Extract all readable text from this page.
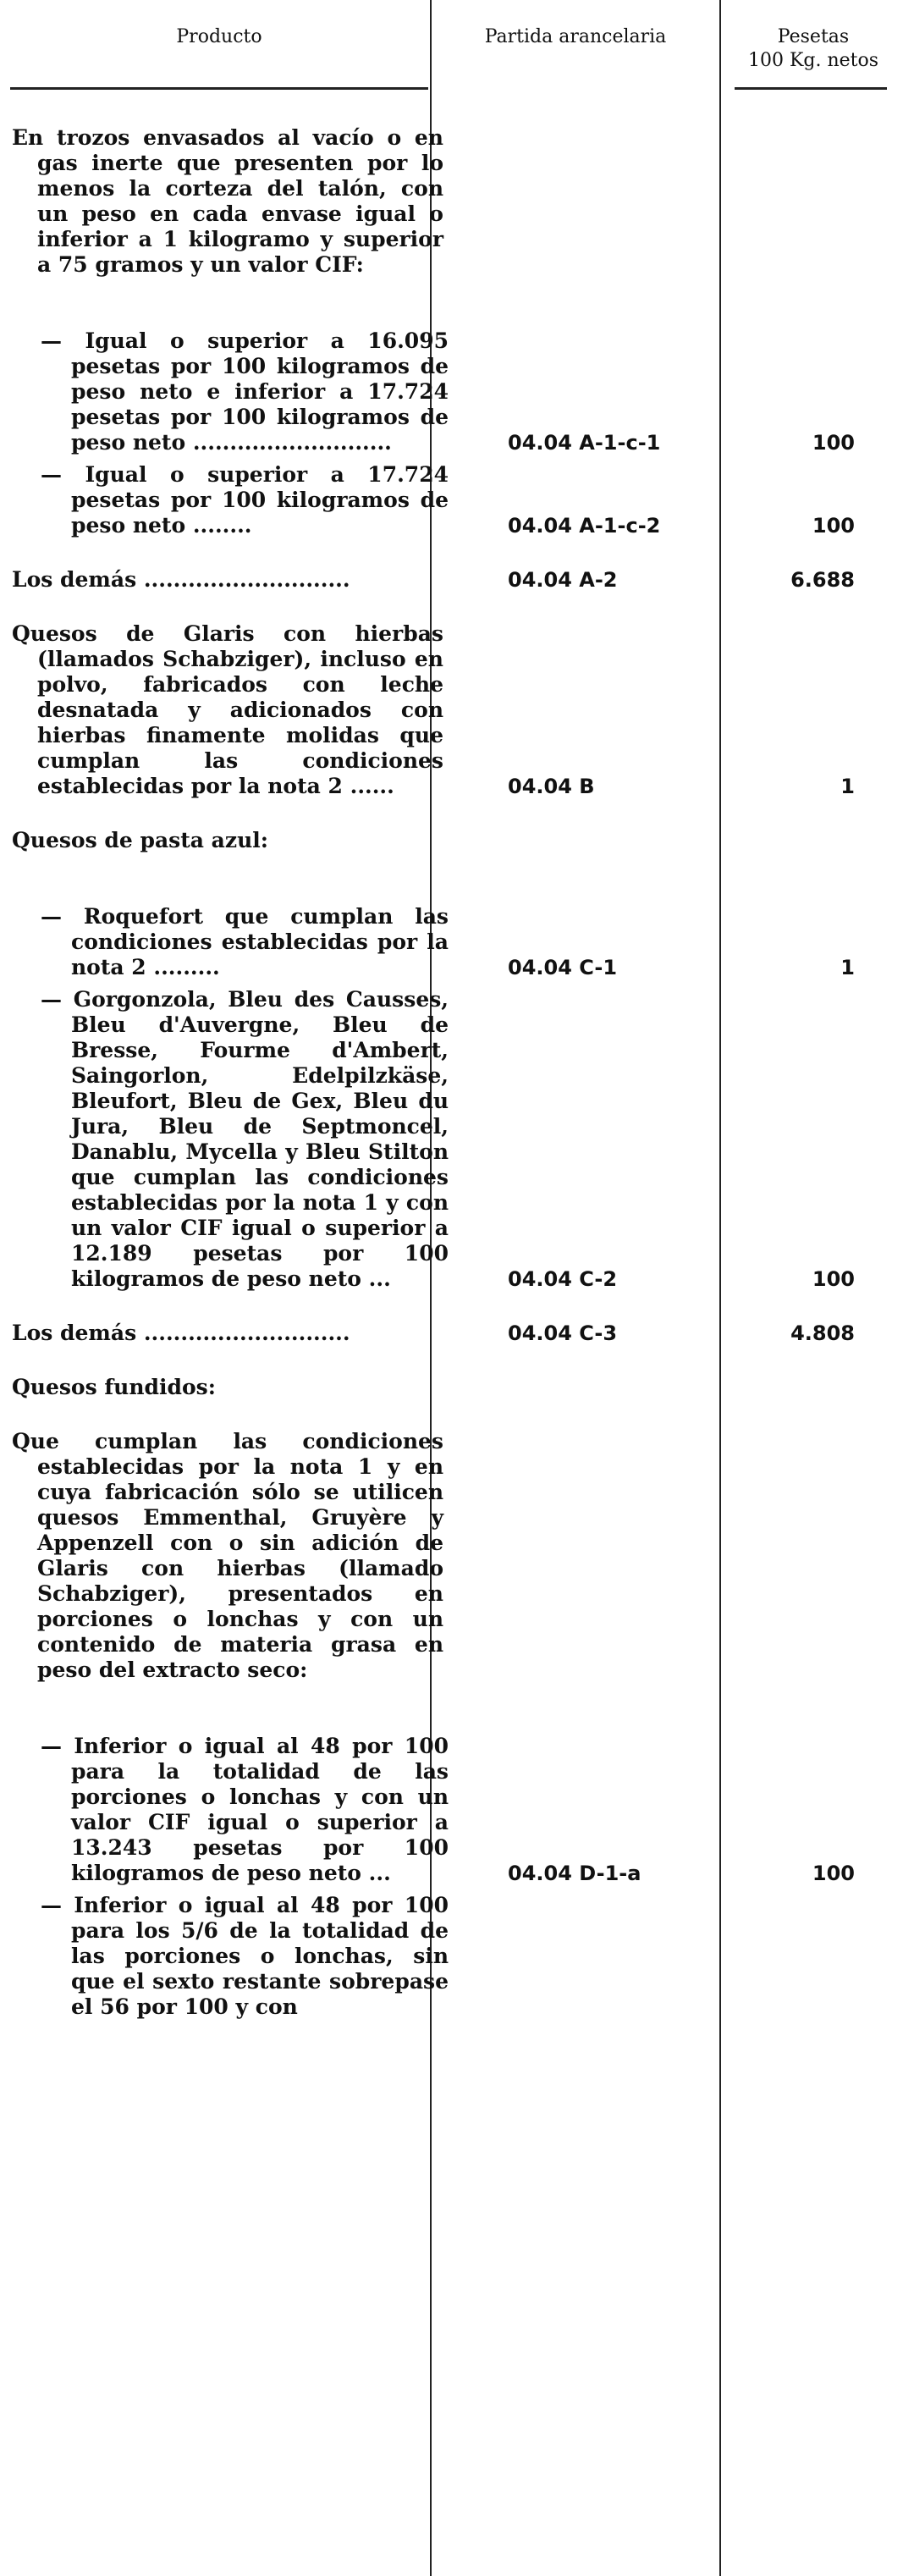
Producto	Partida arancelaria	Pesetas
100 Kg. netos
En trozos envasados al vacío o en gas inerte que presenten por lo menos la corteza del talón, con un peso en cada envase igual o inferior a 1 kilogramo y superior a 75 gramos y un valor CIF:
— Igual o superior a 16.095 pesetas por 100 kilogramos de peso neto e inferior a 17.724 pesetas por 100 kilogramos de peso neto ...........................	04.04 A-1-c-1	100
— Igual o superior a 17.724 pesetas por 100 kilogramos de peso neto ........	04.04 A-1-c-2	100
Los demás ............................	04.04 A-2	6.688
Quesos de Glaris con hierbas (llamados Schabziger), incluso en polvo, fabricados con leche desnatada y adicionados con hierbas finamente molidas que cumplan las condiciones establecidas por la nota 2 ......	04.04 B	1
Quesos de pasta azul:
— Roquefort que cumplan las condiciones establecidas por la nota 2 .........	04.04 C-1	1
— Gorgonzola, Bleu des Causses, Bleu d'Auvergne, Bleu de Bresse, Fourme d'Ambert, Saingorlon, Edelpilzkäse, Bleufort, Bleu de Gex, Bleu du Jura, Bleu de Septmoncel, Danablu, Mycella y Bleu Stilton que cumplan las condiciones establecidas por la nota 1 y con un valor CIF igual o superior a 12.189 pesetas por 100 kilogramos de peso neto ...	04.04 C-2	100
Los demás ............................	04.04 C-3	4.808
Quesos fundidos:
Que cumplan las condiciones establecidas por la nota 1 y en cuya fabricación sólo se utilicen quesos Emmenthal, Gruyère y Appenzell con o sin adición de Glaris con hierbas (llamado Schabziger), presentados en porciones o lonchas y con un contenido de materia grasa en peso del extracto seco:
— Inferior o igual al 48 por 100 para la totalidad de las porciones o lonchas y con un valor CIF igual o superior a 13.243 pesetas por 100 kilogramos de peso neto ...	04.04 D-1-a	100
— Inferior o igual al 48 por 100 para los 5/6 de la totalidad de las porciones o lonchas, sin que el sexto restante sobrepase el 56 por 100 y con
